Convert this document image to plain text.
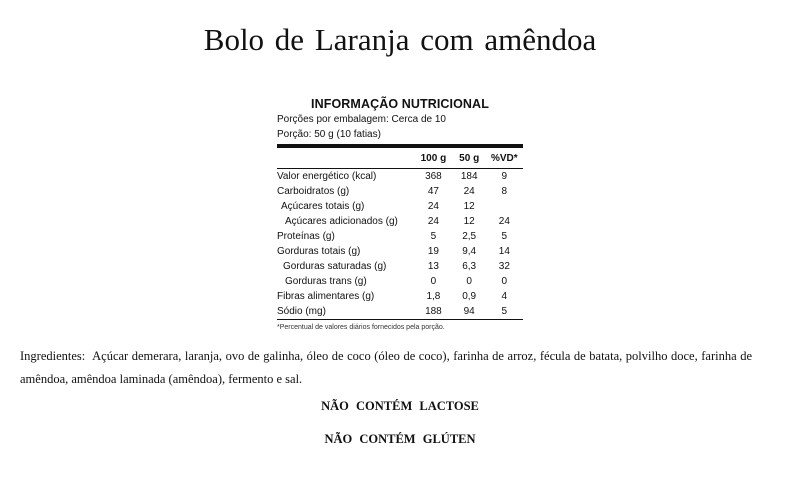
Bolo de Laranja com amêndoa
INFORMAÇÃO NUTRICIONAL
Porções por embalagem: Cerca de 10
Porção: 50 g (10 fatias)
	100 g	50 g	%VD*
Valor energético (kcal)	368	184	9
Carboidratos (g)	47	24	8
Açúcares totais (g)	24	12	
Açúcares adicionados (g)	24	12	24
Proteínas (g)	5	2,5	5
Gorduras totais (g)	19	9,4	14
Gorduras saturadas (g)	13	6,3	32
Gorduras trans (g)	0	0	0
Fibras alimentares (g)	1,8	0,9	4
Sódio (mg)	188	94	5
*Percentual de valores diários fornecidos pela porção.
Ingredientes: Açúcar demerara, laranja, ovo de galinha, óleo de coco (óleo de coco), farinha de arroz, fécula de batata, polvilho doce, farinha de amêndoa, amêndoa laminada (amêndoa), fermento e sal.
NÃO CONTÉM LACTOSE
NÃO CONTÉM GLÚTEN
